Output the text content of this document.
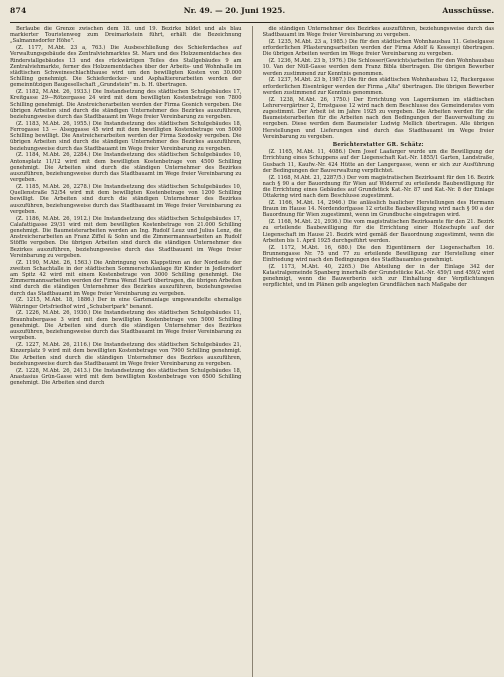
874	Nr. 49. — 20. Juni 1925.	Ausschüsse.

Berlaube die Grenze zwischen dem 18. und 19. Bezirke bildet und als blau markierter Touristenweg zum Dreimarkstein führt, erhält die Bezeichnung „Salmannsdorfer Höhe".

(Z. 1177, M.Abt. 23 a, 763.) Die Ausbeschließung des Schieferdaches auf Verwaltungsgebäude des Zentralviehmarktes St. Marx und des Holzzementdaches des Rinderstallgebäudes 13 und des rückwärtigen Teiles des Stallgebäudes 9 am Zentralviehmarkte, ferner des Holzzementdaches über der Arbeits- und Wohnhalle im städtischen Schweineschlachthause wird um den bewilligten Kosten von 30.000 Schilling genehmigt. Die Schieferdecker- und Asphaltiererarbeiten werden der gemeinnützigen Baugesellschaft „Grundstein" m. b. H. übertragen.

(Z. 1182, M.Abt. 26, 1933.) Die Instandsetzung des städtischen Schulgebäudes 17, Kreitgasse 29—Rötzergasse 24 wird mit dem bewilligten Kostenbetrage von 7800 Schilling genehmigt. Die Anstreicherarbeiten werden der Firma Gosnich vergeben. Die übrigen Arbeiten sind durch die ständigen Unternehmer des Bezirkes auszuführen, beziehungsweise durch das Stadtbauamt im Wege freier Vereinbarung zu vergeben.

(Z. 1183, M.Abt. 26, 1955.) Die Instandsetzung des städtischen Schulgebäudes 18, Ferrogasse 13 — Alseggasse 45 wird mit dem bewilligten Kostenbetrage von 5000 Schilling bewilligt. Die Anstreicherarbeiten werden der Firma Szodosky vergeben. Die übrigen Arbeiten sind durch die ständigen Unternehmer des Bezirkes auszuführen, beziehungsweise durch das Stadtbauamt im Wege freier Vereinbarung zu vergeben.

(Z. 1184, M.Abt. 26, 2284.) Die Instandsetzung des städtischen Schulgebäudes 10, Antonsplatz 11/12 wird mit dem bewilligten Kostenbetrage von 4500 Schilling genehmigt. Die Arbeiten sind durch die ständigen Unternehmer des Bezirkes auszuführen, beziehungsweise durch das Stadtbauamt im Wege freier Vereinbarung zu vergeben.

(Z. 1185, M.Abt. 26, 2278.) Die Instandsetzung des städtischen Schulgebäudes 10, Quellenstraße 52/54 wird mit dem bewilligten Kostenbetrage von 1200 Schilling bewilligt. Die Arbeiten sind durch die ständigen Unternehmer des Bezirkes auszuführen, beziehungsweise durch das Stadtbauamt im Wege freier Vereinbarung zu vergeben.

(Z. 1186, M.Abt. 26, 1912.) Die Instandsetzung des städtischen Schulgebäudes 17, Calafattigasse 29/31 wird mit dem bewilligten Kostenbetrage von 21.000 Schilling genehmigt. Die Baumeisterarbeiten werden an Ing. Rudolf Leuz und Julius Lenz, die Anstreicherarbeiten an Franz Ziffel & Sohn und die Zimmermannsarbeiten an Rudolf Stöffle vergeben. Die übrigen Arbeiten sind durch die ständigen Unternehmer des Bezirkes auszuführen, beziehungsweise durch das Stadtbauamt im Wege freier Vereinbarung zu vergeben.

(Z. 1190, M.Abt. 26, 1563.) Die Anbringung von Klappstiren an der Nordseite der zweiten Schachtalle in der städtischen Sommerschulanlage für Kinder in Jedlersdorf am Spitz 42 wird mit einem Kostenbetrage von 3000 Schilling genehmigt. Die Zimmermannsarbeiten werden der Firma Wenzl Hartl übertragen, die übrigen Arbeiten sind durch die ständigen Unternehmer des Bezirkes auszuführen, beziehungsweise durch das Stadtbauamt im Wege freier Vereinbarung zu vergeben.

(Z. 1215, M.Abt. 18, 1886.) Der in eine Gartenanlage umgewandelte ehemalige Währinger Ortsfriedhof wird „Schubertpark" benannt.

(Z. 1226, M.Abt. 26, 1930.) Die Instandsetzung des städtischen Schulgebäudes 11, Braunhubergasse 3 wird mit dem bewilligten Kostenbetrage von 5000 Schilling genehmigt. Die Arbeiten sind durch die ständigen Unternehmer des Bezirkes auszuführen, beziehungsweise durch das Stadtbauamt im Wege freier Vereinbarung zu vergeben.

(Z. 1227, M.Abt. 26, 2116.) Die Instandsetzung des städtischen Schulgebäudes 21, Kinzerplatz 9 wird mit dem bewilligten Kostenbetrage von 7900 Schilling genehmigt. Die Arbeiten sind durch die ständigen Unternehmer des Bezirkes auszuführen, beziehungsweise durch das Stadtbauamt im Wege freier Vereinbarung zu vergeben.

(Z. 1228, M.Abt. 26, 2413.) Die Instandsetzung des städtischen Schulgebäudes 18, Anastasius Grün-Gasse wird mit dem bewilligten Kostenbetrage von 6500 Schilling genehmigt. Die Arbeiten sind durch

die ständigen Unternehmer des Bezirkes auszuführen, beziehungsweise durch das Stadtbauamt im Wege freier Vereinbarung zu vergeben.

(Z. 1235, M.Abt. 23 a, 1985.) Die für den städtischen Wohnhausbau 11. Geiselgasse erforderlichen Pflasterungsarbeiten werden der Firma Adolf & Kessenyi übertragen. Die übrigen Arbeiten werden im Wege freier Vereinbarung zu vergeben.

(Z. 1236, M.Abt. 23 b, 1976.) Die Schlosser(Gewichts)arbeiten für den Wohnhausbau 10. Van der Nüll-Gasse werden dem Franz Bibla übertragen. Die übrigen Bewerber werden zustimmend zur Kenntnis genommen.

(Z. 1237, M.Abt. 23 b, 1987.) Die für den städtischen Wohnhausbau 12, Ruckergasse erforderlichen Eisenträger werden der Firma „Alta" übertragen. Die übrigen Bewerber werden zustimmend zur Kenntnis genommen.

(Z. 1238, M.Abt. 26, 1750.) Der Errichtung von Lagerräumen im städtischen Lehrervergärtner 2, Ernstgasse 12 wird nach dem Beschlusse des Gemeinderates vom zugestimmt. Der Arbeit ist im Jahre 1925 zu vergeben. Die Arbeiten werden für die Baumeisterarbeiten für die Arbeiten nach den Bedingungen der Bauverwaltung zu vergeben. Diese werden dem Baumeister Ludwig Mellich übertragen. Alle übrigen Herstellungen und Lieferungen sind durch das Stadtbauamt im Wege freier Vereinbarung zu vergeben.

Berichterstatter GR. Schätz:

(Z. 1165, M.Abt. 11, 4086.) Dem Josef Laafarger wurde um die Bewilligung der Errichtung eines Schuppens auf der Liegenschaft Kat.-Nr. 1855/1 Garten, Landstraße, Gusbach 11, Kaufw.-Nr. 424 Hütte an der Langergasse, wenn er sich zur Ausführung der Bedingungen der Bauverwaltung verpflichtet.

(Z. 1168, M.Abt. 21, 2287/5.) Der vom magistratischen Bezirksamt für den 16. Bezirk nach § 90 a der Bauordnung für Wien auf Widerruf zu erteilende Baubewilligung für die Errichtung eines Gebäudes auf Grundstück Kat.-Nr. 87 und Kat.-Nr. 8 der Einlage Ottakring wird nach dem Beschlusse zugestimmt.

(Z. 1166, M.Abt. 14, 2946.) Die anlässlich baulicher Herstellungen des Hermann Braun im Hause 14. Nordendorfgasse 12 erteilte Baubewilligung wird nach § 90 a der Bauordnung für Wien zugestimmt, wenn im Grundbuche eingetragen wird.

(Z. 1168, M.Abt. 21, 2936.) Die vom magistratischen Bezirksamte für den 21. Bezirk zu erteilende Baubewilligung für die Errichtung einer Holzschupfe auf der Liegenschaft im Hause 21. Bezirk wird gemäß der Bauordnung zugestimmt, wenn die Arbeiten bis 1. April 1925 durchgeführt werden.

(Z. 1172, M.Abt. 16, 680.) Die den Eigentümern der Liegenschaften 16. Brunnengasse Nr. 75 und 77 zu erteilende Bewilligung zur Herstellung einer Einfriedung wird nach den Bedingungen des Stadtbauamtes genehmigt.

(Z. 1173, M.Abt. 40, 2265.) Die Abteilung der in der Einlage 342 der Katastralgemeinde Spanberg innerhalb der Grundstücke Kat.-Nr. 459/1 und 459/2 wird genehmigt, wenn die Bauwerberin sich zur Einhaltung der Verpflichtungen verpflichtet, und im Plänen gelb angelegten Grundflächen nach Maßgabe der
